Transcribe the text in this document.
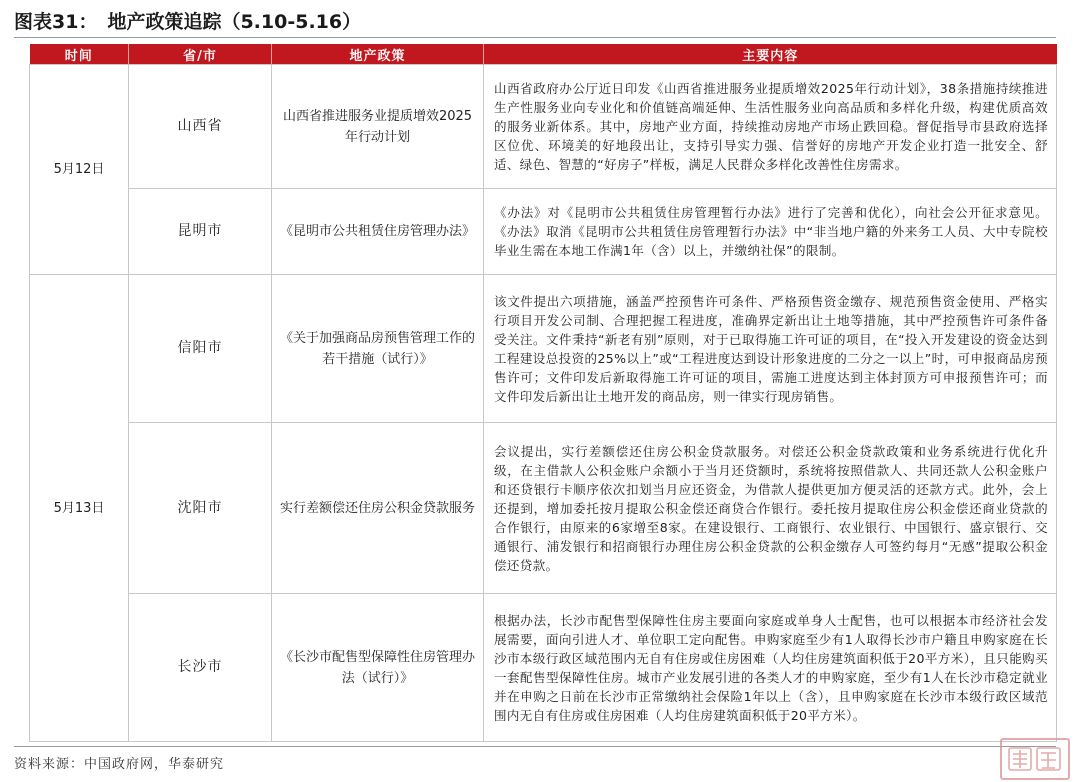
图表31： 地产政策追踪（5.10-5.16）
时间	省/市	地产政策	主要内容
5月12日	山西省	山西省推进服务业提质增效2025年行动计划	山西省政府办公厅近日印发《山西省推进服务业提质增效2025年行动计划》，38条措施持续推进生产性服务业向专业化和价值链高端延伸、生活性服务业向高品质和多样化升级，构建优质高效的服务业新体系。其中，房地产业方面，持续推动房地产市场止跌回稳。督促指导市县政府选择区位优、环境美的好地段出让，支持引导实力强、信誉好的房地产开发企业打造一批安全、舒适、绿色、智慧的“好房子”样板，满足人民群众多样化改善性住房需求。
	昆明市	《昆明市公共租赁住房管理办法》	《办法》对《昆明市公共租赁住房管理暂行办法》进行了完善和优化），向社会公开征求意见。《办法》取消《昆明市公共租赁住房管理暂行办法》中“非当地户籍的外来务工人员、大中专院校毕业生需在本地工作满1年（含）以上，并缴纳社保”的限制。
5月13日	信阳市	《关于加强商品房预售管理工作的若干措施（试行）》	该文件提出六项措施，涵盖严控预售许可条件、严格预售资金缴存、规范预售资金使用、严格实行项目开发公司制、合理把握工程进度，准确界定新出让土地等措施，其中严控预售许可条件备受关注。文件秉持“新老有别”原则，对于已取得施工许可证的项目，在“投入开发建设的资金达到工程建设总投资的25%以上”或“工程进度达到设计形象进度的二分之一以上”时，可申报商品房预售许可；文件印发后新取得施工许可证的项目，需施工进度达到主体封顶方可申报预售许可；而文件印发后新出让土地开发的商品房，则一律实行现房销售。
	沈阳市	实行差额偿还住房公积金贷款服务	会议提出，实行差额偿还住房公积金贷款服务。对偿还公积金贷款政策和业务系统进行优化升级，在主借款人公积金账户余额小于当月还贷额时，系统将按照借款人、共同还款人公积金账户和还贷银行卡顺序依次扣划当月应还资金，为借款人提供更加方便灵活的还款方式。此外，会上还提到，增加委托按月提取公积金偿还商贷合作银行。委托按月提取住房公积金偿还商业贷款的合作银行，由原来的6家增至8家。在建设银行、工商银行、农业银行、中国银行、盛京银行、交通银行、浦发银行和招商银行办理住房公积金贷款的公积金缴存人可签约每月“无感”提取公积金偿还贷款。
	长沙市	《长沙市配售型保障性住房管理办法（试行）》	根据办法，长沙市配售型保障性住房主要面向家庭或单身人士配售，也可以根据本市经济社会发展需要，面向引进人才、单位职工定向配售。申购家庭至少有1人取得长沙市户籍且申购家庭在长沙市本级行政区域范围内无自有住房或住房困难（人均住房建筑面积低于20平方米），且只能购买一套配售型保障性住房。城市产业发展引进的各类人才的申购家庭，至少有1人在长沙市稳定就业并在申购之日前在长沙市正常缴纳社会保险1年以上（含），且申购家庭在长沙市本级行政区域范围内无自有住房或住房困难（人均住房建筑面积低于20平方米）。
资料来源：中国政府网，华泰研究
